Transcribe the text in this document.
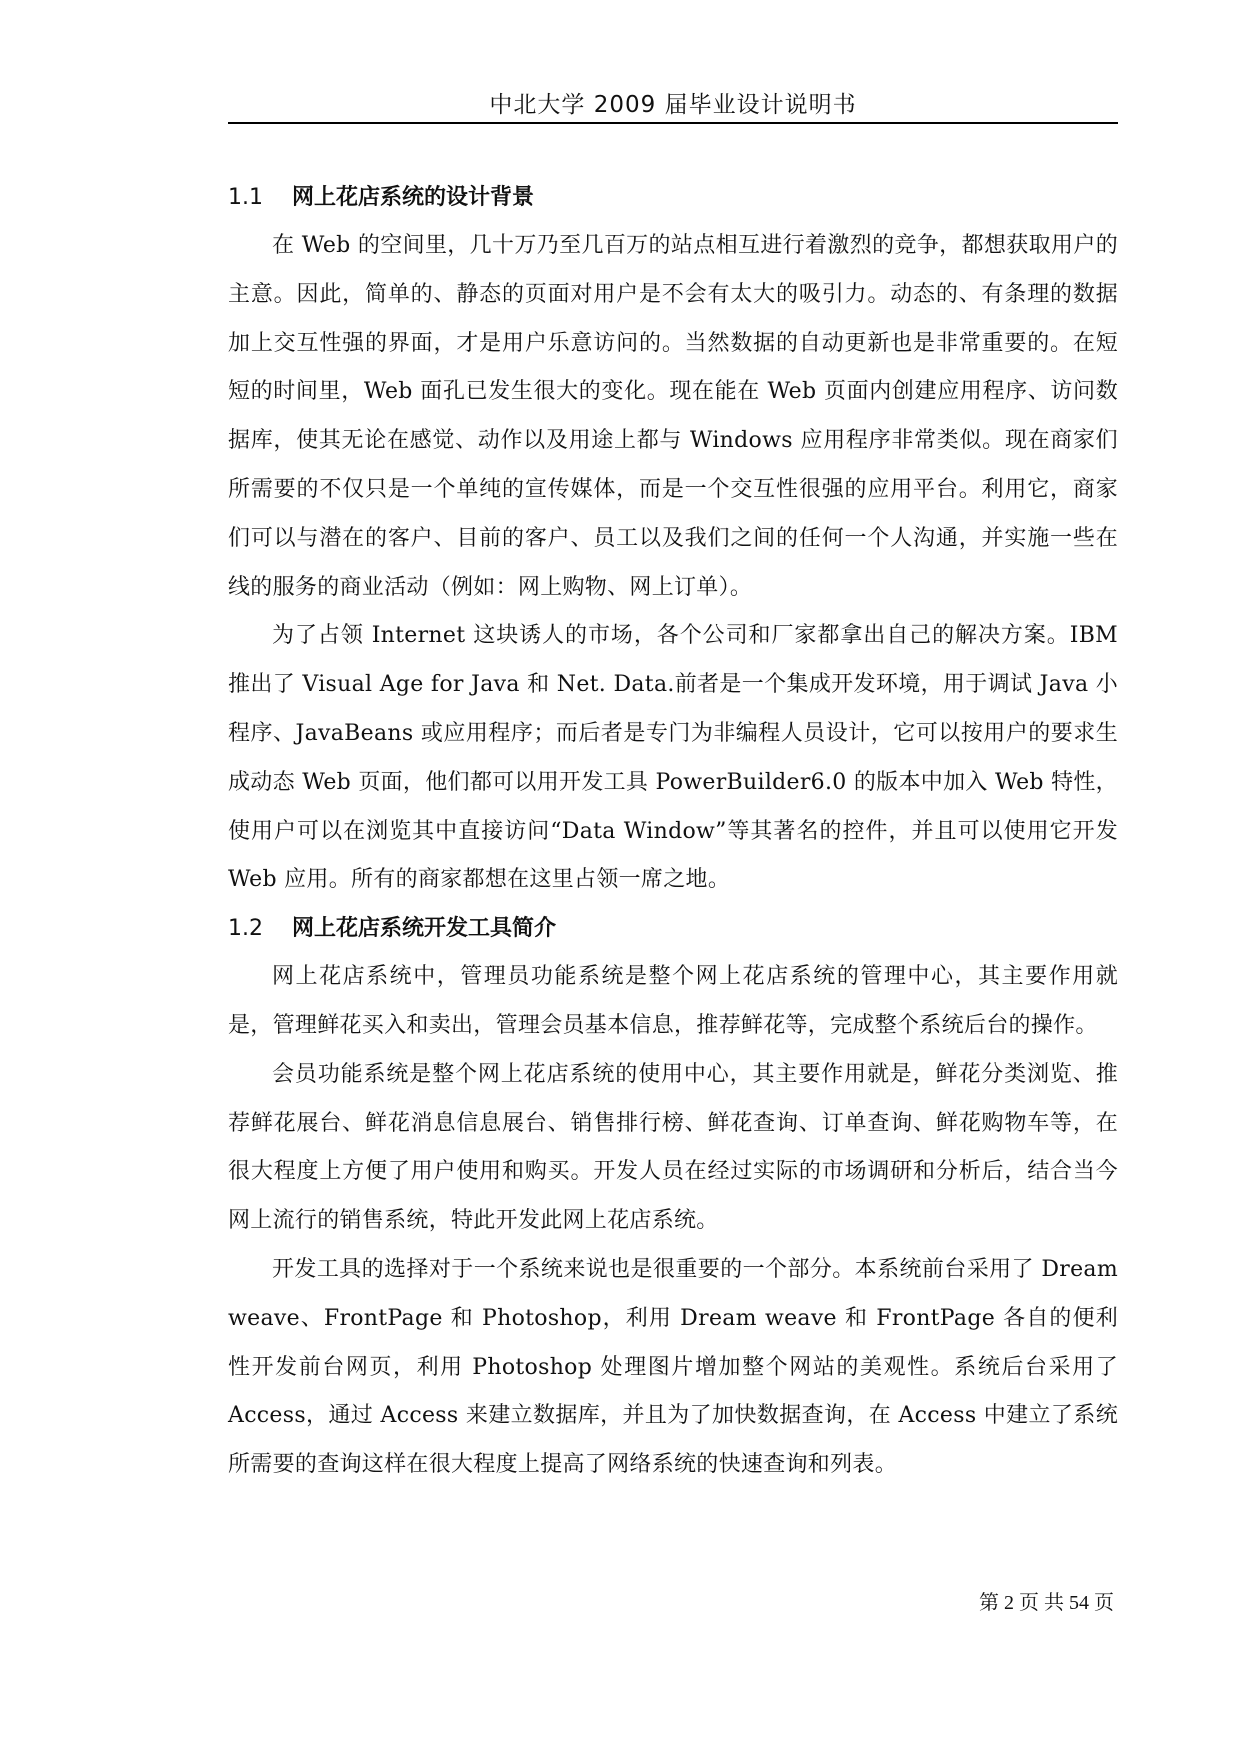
中北大学 2009 届毕业设计说明书
1.1 网上花店系统的设计背景

在 Web 的空间里，几十万乃至几百万的站点相互进行着激烈的竞争，都想获取用户的主意。因此，简单的、静态的页面对用户是不会有太大的吸引力。动态的、有条理的数据加上交互性强的界面，才是用户乐意访问的。当然数据的自动更新也是非常重要的。在短短的时间里，Web 面孔已发生很大的变化。现在能在 Web 页面内创建应用程序、访问数据库，使其无论在感觉、动作以及用途上都与 Windows 应用程序非常类似。现在商家们所需要的不仅只是一个单纯的宣传媒体，而是一个交互性很强的应用平台。利用它，商家们可以与潜在的客户、目前的客户、员工以及我们之间的任何一个人沟通，并实施一些在线的服务的商业活动（例如：网上购物、网上订单）。

为了占领 Internet 这块诱人的市场，各个公司和厂家都拿出自己的解决方案。IBM 推出了 Visual Age for Java 和 Net. Data.前者是一个集成开发环境，用于调试 Java 小程序、JavaBeans 或应用程序；而后者是专门为非编程人员设计，它可以按用户的要求生成动态 Web 页面，他们都可以用开发工具 PowerBuilder6.0 的版本中加入 Web 特性，使用户可以在浏览其中直接访问“Data Window”等其著名的控件，并且可以使用它开发 Web 应用。所有的商家都想在这里占领一席之地。

1.2 网上花店系统开发工具简介

网上花店系统中，管理员功能系统是整个网上花店系统的管理中心，其主要作用就是，管理鲜花买入和卖出，管理会员基本信息，推荐鲜花等，完成整个系统后台的操作。

会员功能系统是整个网上花店系统的使用中心，其主要作用就是，鲜花分类浏览、推荐鲜花展台、鲜花消息信息展台、销售排行榜、鲜花查询、订单查询、鲜花购物车等，在很大程度上方便了用户使用和购买。开发人员在经过实际的市场调研和分析后，结合当今网上流行的销售系统，特此开发此网上花店系统。

开发工具的选择对于一个系统来说也是很重要的一个部分。本系统前台采用了 Dream weave、FrontPage 和 Photoshop，利用 Dream weave 和 FrontPage 各自的便利性开发前台网页，利用 Photoshop 处理图片增加整个网站的美观性。系统后台采用了 Access，通过 Access 来建立数据库，并且为了加快数据查询，在 Access 中建立了系统所需要的查询这样在很大程度上提高了网络系统的快速查询和列表。

第 2 页 共 54 页
